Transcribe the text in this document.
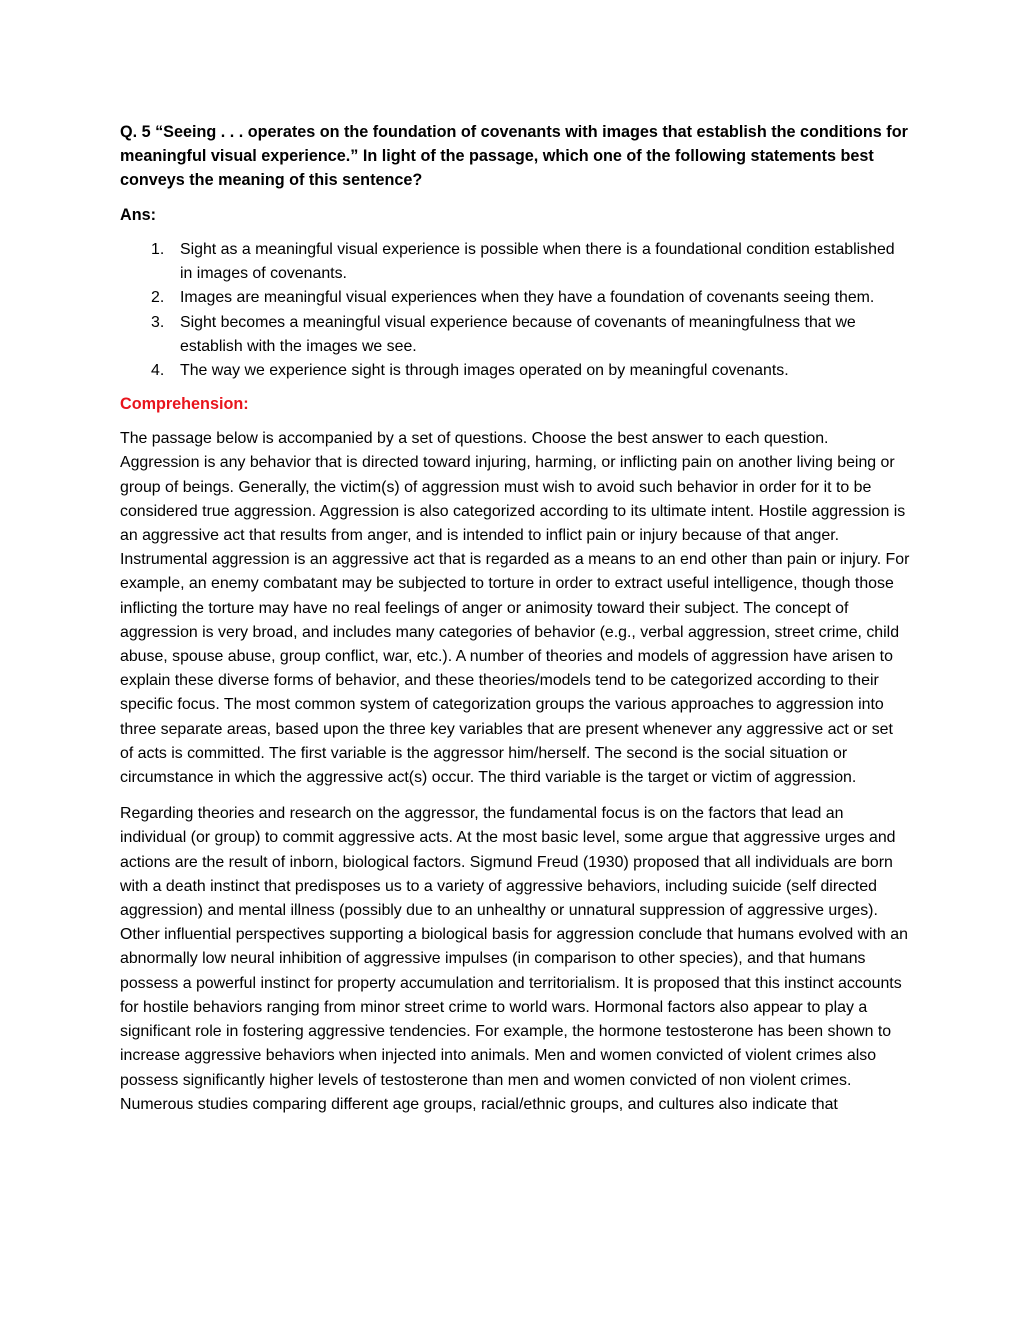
Q. 5 “Seeing . . . operates on the foundation of covenants with images that establish the conditions for meaningful visual experience.” In light of the passage, which one of the following statements best conveys the meaning of this sentence?

Ans:

1. Sight as a meaningful visual experience is possible when there is a foundational condition established in images of covenants.
2. Images are meaningful visual experiences when they have a foundation of covenants seeing them.
3. Sight becomes a meaningful visual experience because of covenants of meaningfulness that we establish with the images we see.
4. The way we experience sight is through images operated on by meaningful covenants.

Comprehension:

The passage below is accompanied by a set of questions. Choose the best answer to each question. Aggression is any behavior that is directed toward injuring, harming, or inflicting pain on another living being or group of beings. Generally, the victim(s) of aggression must wish to avoid such behavior in order for it to be considered true aggression. Aggression is also categorized according to its ultimate intent. Hostile aggression is an aggressive act that results from anger, and is intended to inflict pain or injury because of that anger. Instrumental aggression is an aggressive act that is regarded as a means to an end other than pain or injury. For example, an enemy combatant may be subjected to torture in order to extract useful intelligence, though those inflicting the torture may have no real feelings of anger or animosity toward their subject. The concept of aggression is very broad, and includes many categories of behavior (e.g., verbal aggression, street crime, child abuse, spouse abuse, group conflict, war, etc.). A number of theories and models of aggression have arisen to explain these diverse forms of behavior, and these theories/models tend to be categorized according to their specific focus. The most common system of categorization groups the various approaches to aggression into three separate areas, based upon the three key variables that are present whenever any aggressive act or set of acts is committed. The first variable is the aggressor him/herself. The second is the social situation or circumstance in which the aggressive act(s) occur. The third variable is the target or victim of aggression.

Regarding theories and research on the aggressor, the fundamental focus is on the factors that lead an individual (or group) to commit aggressive acts. At the most basic level, some argue that aggressive urges and actions are the result of inborn, biological factors. Sigmund Freud (1930) proposed that all individuals are born with a death instinct that predisposes us to a variety of aggressive behaviors, including suicide (self directed aggression) and mental illness (possibly due to an unhealthy or unnatural suppression of aggressive urges). Other influential perspectives supporting a biological basis for aggression conclude that humans evolved with an abnormally low neural inhibition of aggressive impulses (in comparison to other species), and that humans possess a powerful instinct for property accumulation and territorialism. It is proposed that this instinct accounts for hostile behaviors ranging from minor street crime to world wars. Hormonal factors also appear to play a significant role in fostering aggressive tendencies. For example, the hormone testosterone has been shown to increase aggressive behaviors when injected into animals. Men and women convicted of violent crimes also possess significantly higher levels of testosterone than men and women convicted of non violent crimes. Numerous studies comparing different age groups, racial/ethnic groups, and cultures also indicate that
